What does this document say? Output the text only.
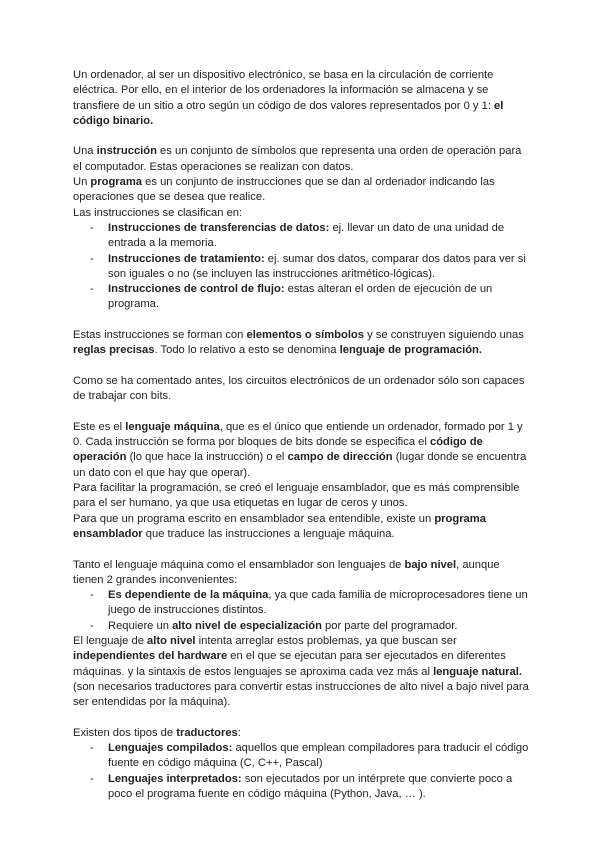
Un ordenador, al ser un dispositivo electrónico, se basa en la circulación de corriente eléctrica. Por ello, en el interior de los ordenadores la información se almacena y se transfiere de un sitio a otro según un código de dos valores representados por 0 y 1: el código binario.

Una instrucción es un conjunto de símbolos que representa una orden de operación para el computador. Estas operaciones se realizan con datos.

Un programa es un conjunto de instrucciones que se dan al ordenador indicando las operaciones que se desea que realice.

Las instrucciones se clasifican en:

- Instrucciones de transferencias de datos: ej. llevar un dato de una unidad de entrada a la memoria.
- Instrucciones de tratamiento: ej. sumar dos datos, comparar dos datos para ver si son iguales o no (se incluyen las instrucciones aritmético-lógicas).
- Instrucciones de control de flujo: estas alteran el orden de ejecución de un programa.

Estas instrucciones se forman con elementos o símbolos y se construyen siguiendo unas reglas precisas. Todo lo relativo a esto se denomina lenguaje de programación.

Como se ha comentado antes, los circuitos electrónicos de un ordenador sólo son capaces de trabajar con bits.

Este es el lenguaje máquina, que es el único que entiende un ordenador, formado por 1 y 0. Cada instrucción se forma por bloques de bits donde se especifica el código de operación (lo que hace la instrucción) o el campo de dirección (lugar donde se encuentra un dato con el que hay que operar).

Para facilitar la programación, se creó el lenguaje ensamblador, que es más comprensible para el ser humano, ya que usa etiquetas en lugar de ceros y unos.

Para que un programa escrito en ensamblador sea entendible, existe un programa ensamblador que traduce las instrucciones a lenguaje máquina.

Tanto el lenguaje máquina como el ensamblador son lenguajes de bajo nivel, aunque tienen 2 grandes inconvenientes:

- Es dependiente de la máquina, ya que cada familia de microprocesadores tiene un juego de instrucciones distintos.
- Requiere un alto nivel de especialización por parte del programador.

El lenguaje de alto nivel intenta arreglar estos problemas, ya que buscan ser independientes del hardware en el que se ejecutan para ser ejecutados en diferentes máquinas. y la sintaxis de estos lenguajes se aproxima cada vez más al lenguaje natural. (son necesarios traductores para convertir estas instrucciones de alto nivel a bajo nivel para ser entendidas por la máquina).

Existen dos tipos de traductores:

- Lenguajes compilados: aquellos que emplean compiladores para traducir el código fuente en código máquina (C, C++, Pascal)
- Lenguajes interpretados: son ejecutados por un intérprete que convierte poco a poco el programa fuente en código máquina (Python, Java, … ).
